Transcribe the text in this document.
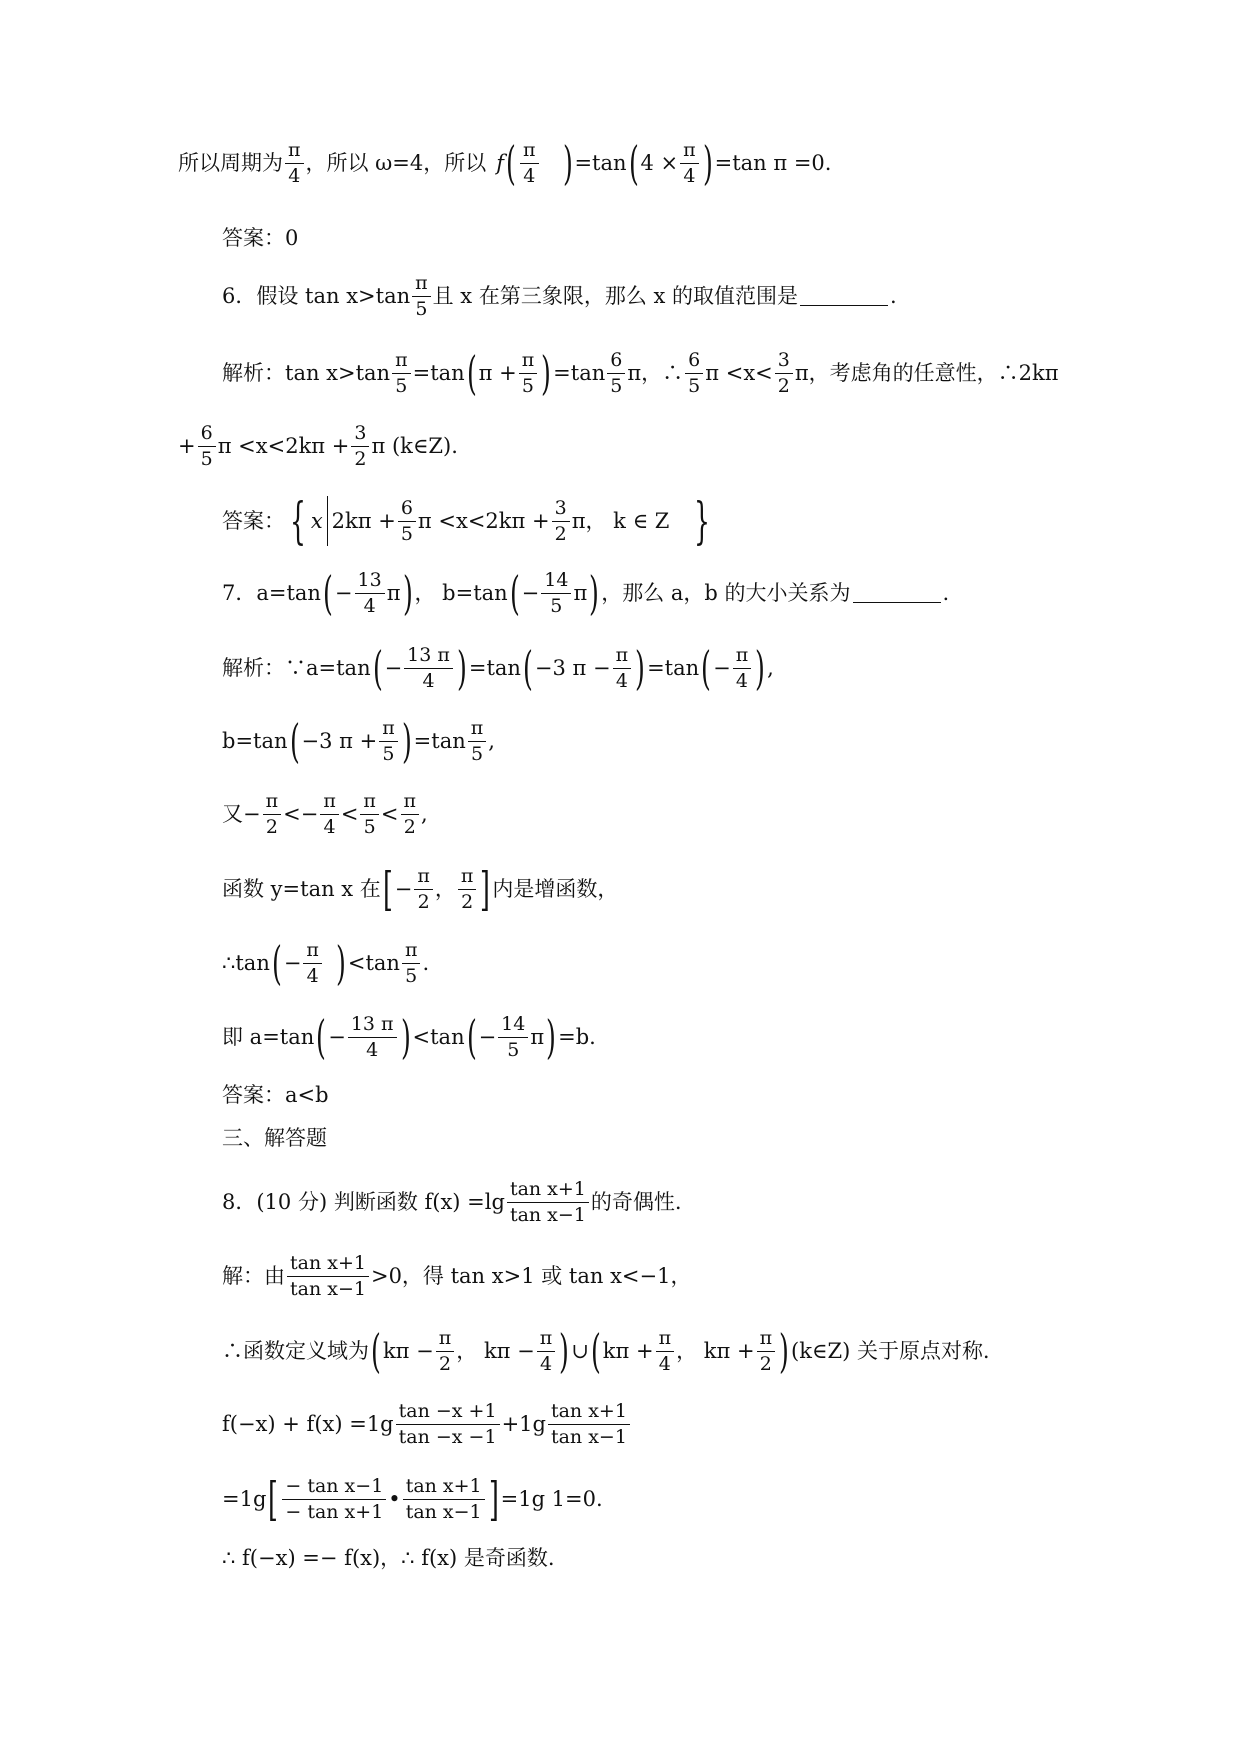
所以周期为 $\frac{\pi}{4}$ ，所以 ω=4，所以 f ( $\frac{\pi}{4}$ ) =tan ( $4 \times \frac{\pi}{4}$ ) =tan π =0.
答案：0
6．假设 $\tan x>\tan \frac{\pi}{5}$ 且 x 在第三象限，那么 x 的取值范围是	.
解析：$\tan x>\tan \frac{\pi}{5} =\tan$ ( $\pi + \frac{\pi}{5}$ ) $=\tan \frac{6}{5}$ π，∴ $\frac{6}{5}$ $\pi <x< \frac{3}{2}$ π，考虑角的任意性，∴2kπ
+ $\frac{6}{5}$ $\pi <x<2k\pi + \frac{3}{2}$ π (k∈Z).
答案： { x $2k\pi + \frac{6}{5}$ $\pi <x<2k\pi + \frac{3}{2}$ π， k ∈ Z }
7．a=tan ( − $\frac{13}{4}$ π ) ， b=tan ( − $\frac{14}{5}$ π ) ，那么 a，b 的大小关系为	.
解析：∵a=tan ( − $\frac{13 \pi}{4}$ ) =tan ( −3 $\pi - \frac{\pi}{4}$ ) =tan ( − $\frac{\pi}{4}$ ) ,
b=tan ( −3 $\pi + \frac{\pi}{5}$ ) $=\tan \frac{\pi}{5}$ ,
又− $\frac{\pi}{2} <- \frac{\pi}{4} < \frac{\pi}{5} < \frac{\pi}{2}$ ,
函数 y=tan x 在 [ − $\frac{\pi}{2}$ ， $\frac{\pi}{2}$ ] 内是增函数，
∴tan ( − $\frac{\pi}{4}$ ) $<\tan \frac{\pi}{5}$ .
即 a=tan ( − $\frac{13 \pi}{4}$ ) <tan ( − $\frac{14}{5}$ π ) =b.
答案：a<b
三、解答题
8．(10 分) 判断函数 $f(x) =\lg \frac{\text{tan x+1}}{\text{tan x−1}}$ 的奇偶性.
解：由 $\frac{\text{tan x+1}}{\text{tan x−1}} >0$，得 tan x>1 或 tan x<−1，
∴函数定义域为 ( $k\pi - \frac{\pi}{2}$ ， $k\pi - \frac{\pi}{4}$ ) ∪ ( $k\pi + \frac{\pi}{4}$ ， $k\pi + \frac{\pi}{2}$ ) (k∈Z) 关于原点对称.
$f(-x) + f(x) =1g \frac{\tan -x +1}{\tan -x -1} +1g \frac{\text{tan x+1}}{\text{tan x−1}}$
=1g [ $\frac{\text{− tan x−1}}{\text{− tan x+1}}$ • $\frac{\text{tan x+1}}{\text{tan x−1}}$ ] =1g 1=0.
∴ f(−x) =− f(x)，∴ f(x) 是奇函数.
